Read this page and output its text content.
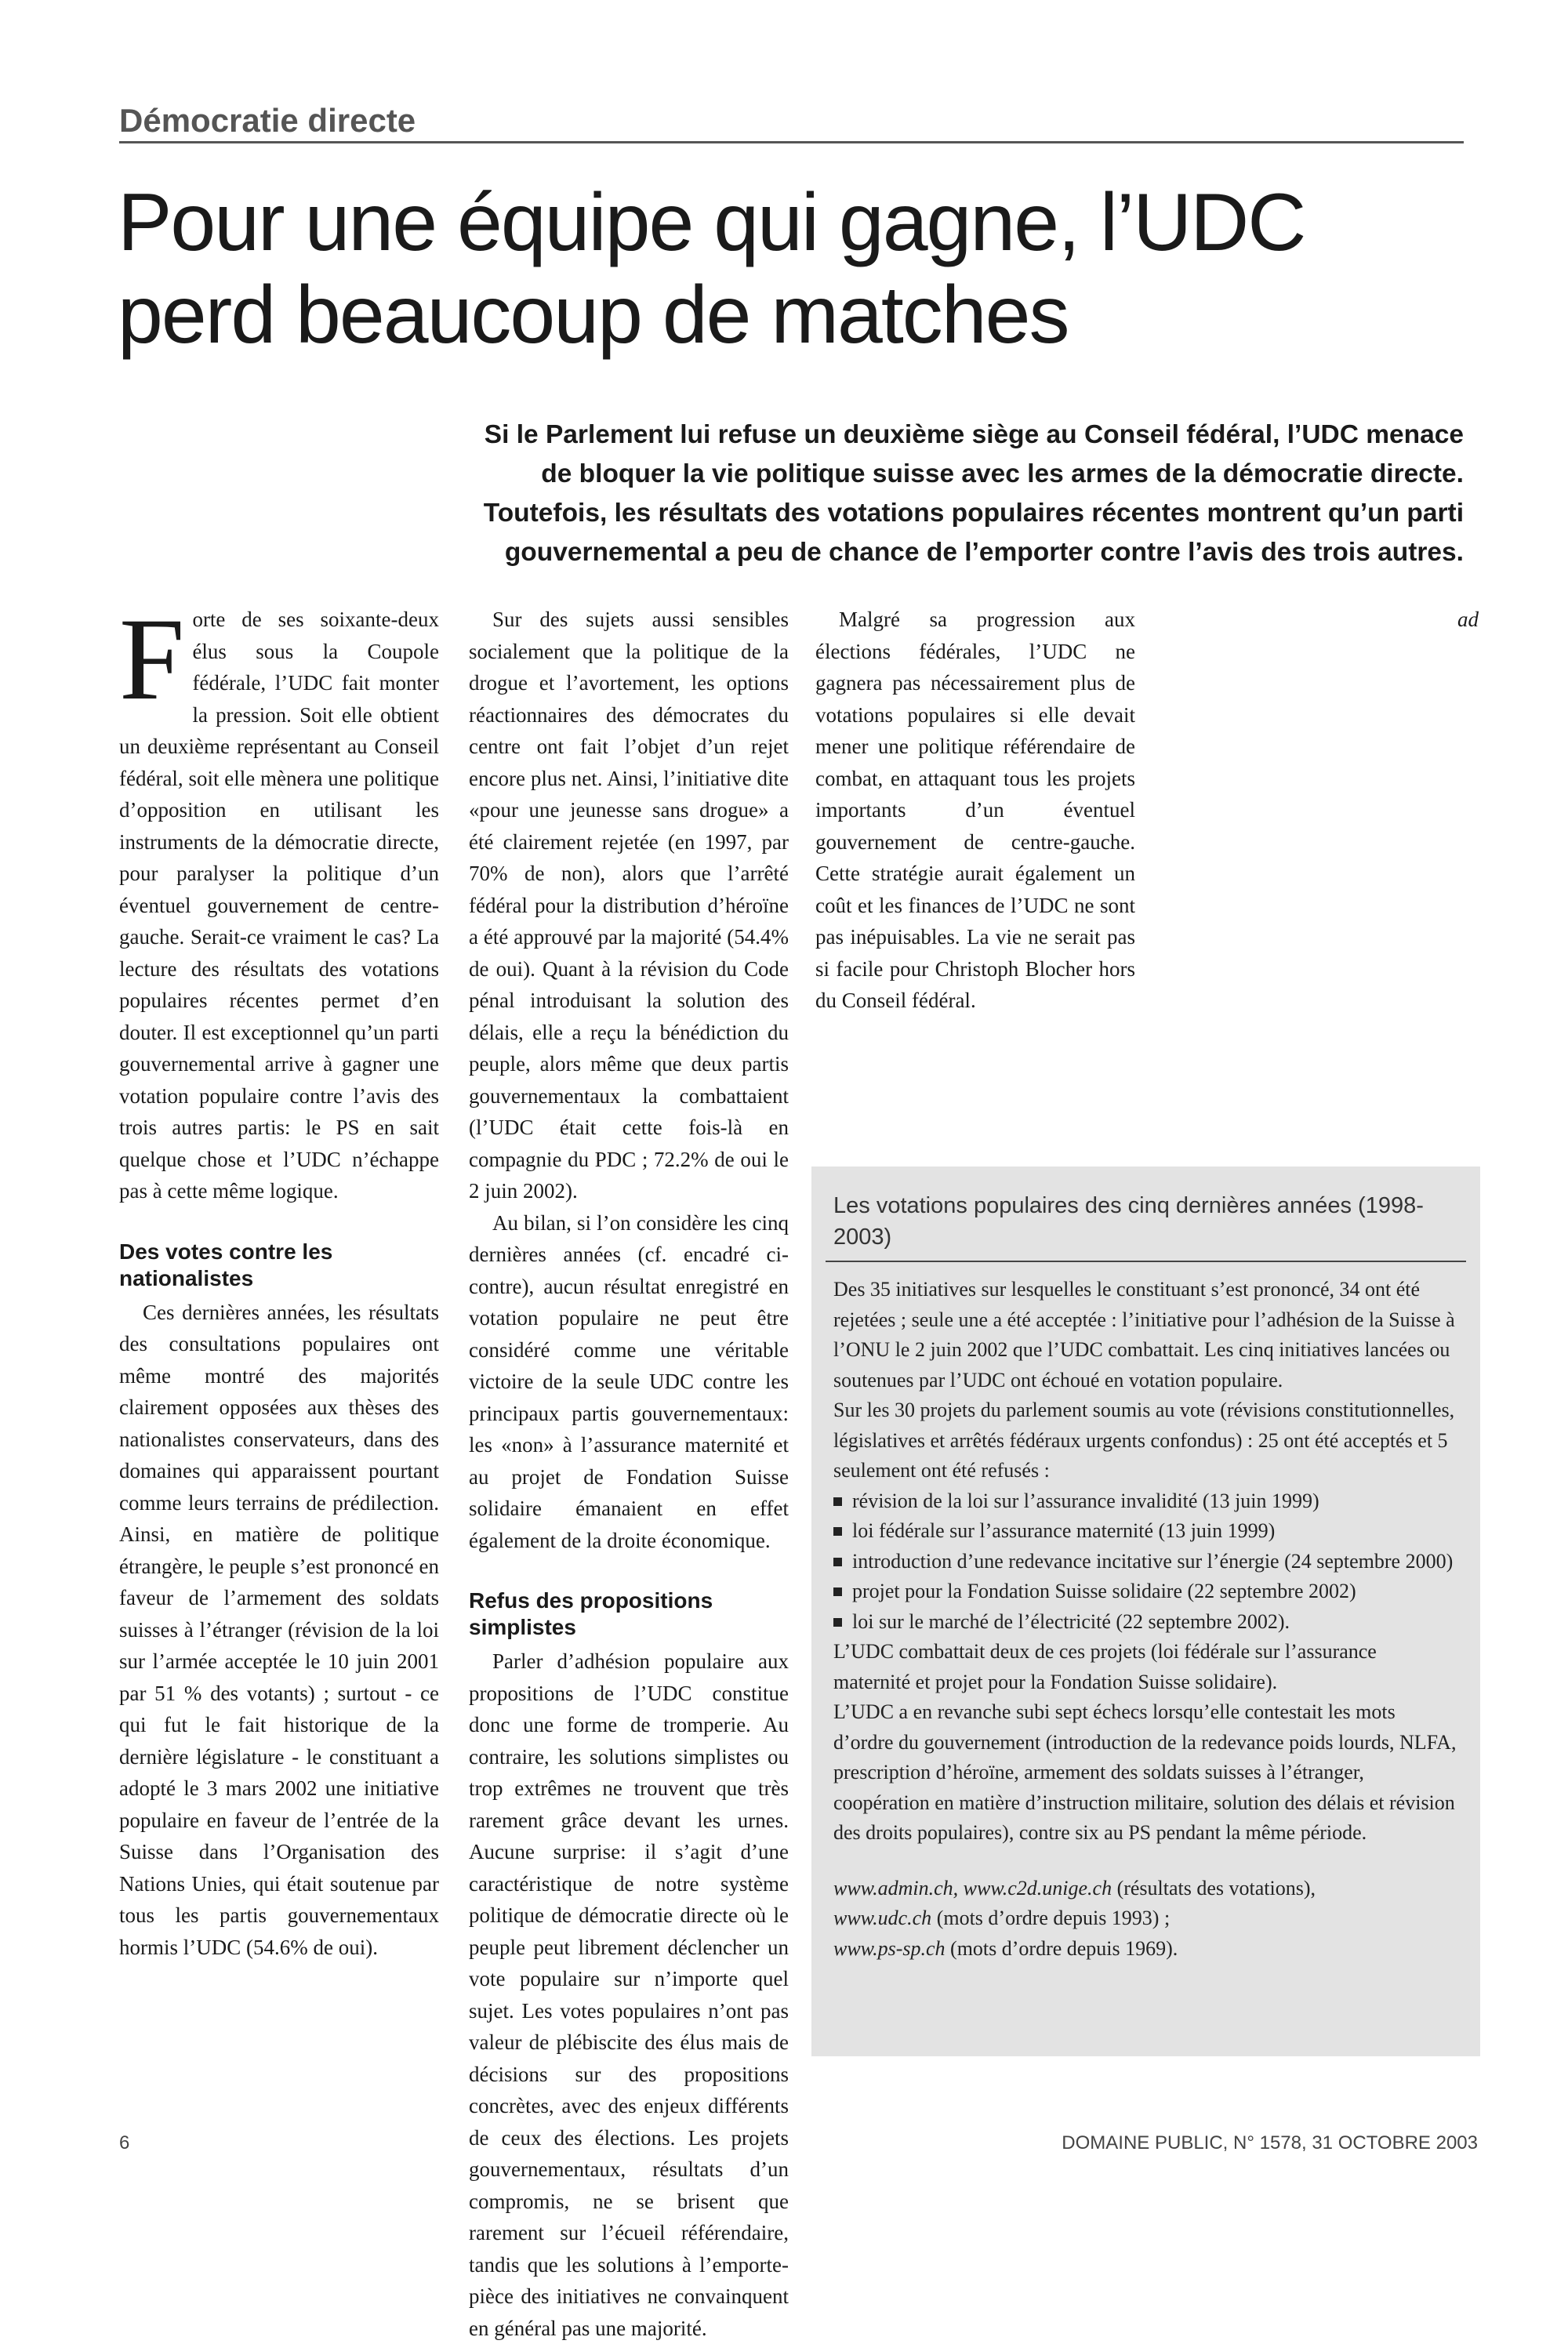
Démocratie directe
Pour une équipe qui gagne, l’UDC
perd beaucoup de matches

Si le Parlement lui refuse un deuxième siège au Conseil fédéral, l’UDC menace
de bloquer la vie politique suisse avec les armes de la démocratie directe.
Toutefois, les résultats des votations populaires récentes montrent qu’un parti
gouvernemental a peu de chance de l’emporter contre l’avis des trois autres.

Forte de ses soixante-deux élus sous la Coupole fédérale, l’UDC fait monter la pression. Soit elle obtient un deuxième représentant au Conseil fédéral, soit elle mènera une politique d’opposition en utilisant les instruments de la démocratie directe, pour paralyser la politique d’un éventuel gouvernement de centre-gauche. Serait-ce vraiment le cas? La lecture des résultats des votations populaires récentes permet d’en douter. Il est exceptionnel qu’un parti gouvernemental arrive à gagner une votation populaire contre l’avis des trois autres partis: le PS en sait quelque chose et l’UDC n’échappe pas à cette même logique.

Des votes contre les nationalistes

Ces dernières années, les résultats des consultations populaires ont même montré des majorités clairement opposées aux thèses des nationalistes conservateurs, dans des domaines qui apparaissent pourtant comme leurs terrains de prédilection. Ainsi, en matière de politique étrangère, le peuple s’est prononcé en faveur de l’armement des soldats suisses à l’étranger (révision de la loi sur l’armée acceptée le 10 juin 2001 par 51 % des votants) ; surtout - ce qui fut le fait historique de la dernière législature - le constituant a adopté le 3 mars 2002 une initiative populaire en faveur de l’entrée de la Suisse dans l’Organisation des Nations Unies, qui était soutenue par tous les partis gouvernementaux hormis l’UDC (54.6% de oui).

Sur des sujets aussi sensibles socialement que la politique de la drogue et l’avortement, les options réactionnaires des démocrates du centre ont fait l’objet d’un rejet encore plus net. Ainsi, l’initiative dite «pour une jeunesse sans drogue» a été clairement rejetée (en 1997, par 70% de non), alors que l’arrêté fédéral pour la distribution d’héroïne a été approuvé par la majorité (54.4% de oui). Quant à la révision du Code pénal introduisant la solution des délais, elle a reçu la bénédiction du peuple, alors même que deux partis gouvernementaux la combattaient (l’UDC était cette fois-là en compagnie du PDC ; 72.2% de oui le 2 juin 2002).

Au bilan, si l’on considère les cinq dernières années (cf. encadré ci-contre), aucun résultat enregistré en votation populaire ne peut être considéré comme une véritable victoire de la seule UDC contre les principaux partis gouvernementaux: les «non» à l’assurance maternité et au projet de Fondation Suisse solidaire émanaient en effet également de la droite économique.

Refus des propositions simplistes

Parler d’adhésion populaire aux propositions de l’UDC constitue donc une forme de tromperie. Au contraire, les solutions simplistes ou trop extrêmes ne trouvent que très rarement grâce devant les urnes. Aucune surprise: il s’agit d’une caractéristique de notre système politique de démocratie directe où le peuple peut librement déclencher un vote populaire sur n’importe quel sujet. Les votes populaires n’ont pas valeur de plébiscite des élus mais de décisions sur des propositions concrètes, avec des enjeux différents de ceux des élections. Les projets gouvernementaux, résultats d’un compromis, ne se brisent que rarement sur l’écueil référendaire, tandis que les solutions à l’emporte-pièce des initiatives ne convainquent en général pas une majorité.

Malgré sa progression aux élections fédérales, l’UDC ne gagnera pas nécessairement plus de votations populaires si elle devait mener une politique référendaire de combat, en attaquant tous les projets importants d’un éventuel gouvernement de centre-gauche. Cette stratégie aurait également un coût et les finances de l’UDC ne sont pas inépuisables. La vie ne serait pas si facile pour Christoph Blocher hors du Conseil fédéral.

ad

Les votations populaires des cinq dernières années (1998-2003)

Des 35 initiatives sur lesquelles le constituant s’est prononcé, 34 ont été rejetées ; seule une a été acceptée : l’initiative pour l’adhésion de la Suisse à l’ONU le 2 juin 2002 que l’UDC combattait. Les cinq initiatives lancées ou soutenues par l’UDC ont échoué en votation populaire.

Sur les 30 projets du parlement soumis au vote (révisions constitutionnelles, législatives et arrêtés fédéraux urgents confondus) : 25 ont été acceptés et 5 seulement ont été refusés :

révision de la loi sur l’assurance invalidité (13 juin 1999)
loi fédérale sur l’assurance maternité (13 juin 1999)
introduction d’une redevance incitative sur l’énergie (24 septembre 2000)
projet pour la Fondation Suisse solidaire (22 septembre 2002)
loi sur le marché de l’électricité (22 septembre 2002).

L’UDC combattait deux de ces projets (loi fédérale sur l’assurance maternité et projet pour la Fondation Suisse solidaire).

L’UDC a en revanche subi sept échecs lorsqu’elle contestait les mots d’ordre du gouvernement (introduction de la redevance poids lourds, NLFA, prescription d’héroïne, armement des soldats suisses à l’étranger, coopération en matière d’instruction militaire, solution des délais et révision des droits populaires), contre six au PS pendant la même période.

www.admin.ch, www.c2d.unige.ch (résultats des votations),
www.udc.ch (mots d’ordre depuis 1993) ;
www.ps-sp.ch (mots d’ordre depuis 1969).

6	DOMAINE PUBLIC, N° 1578, 31 OCTOBRE 2003
